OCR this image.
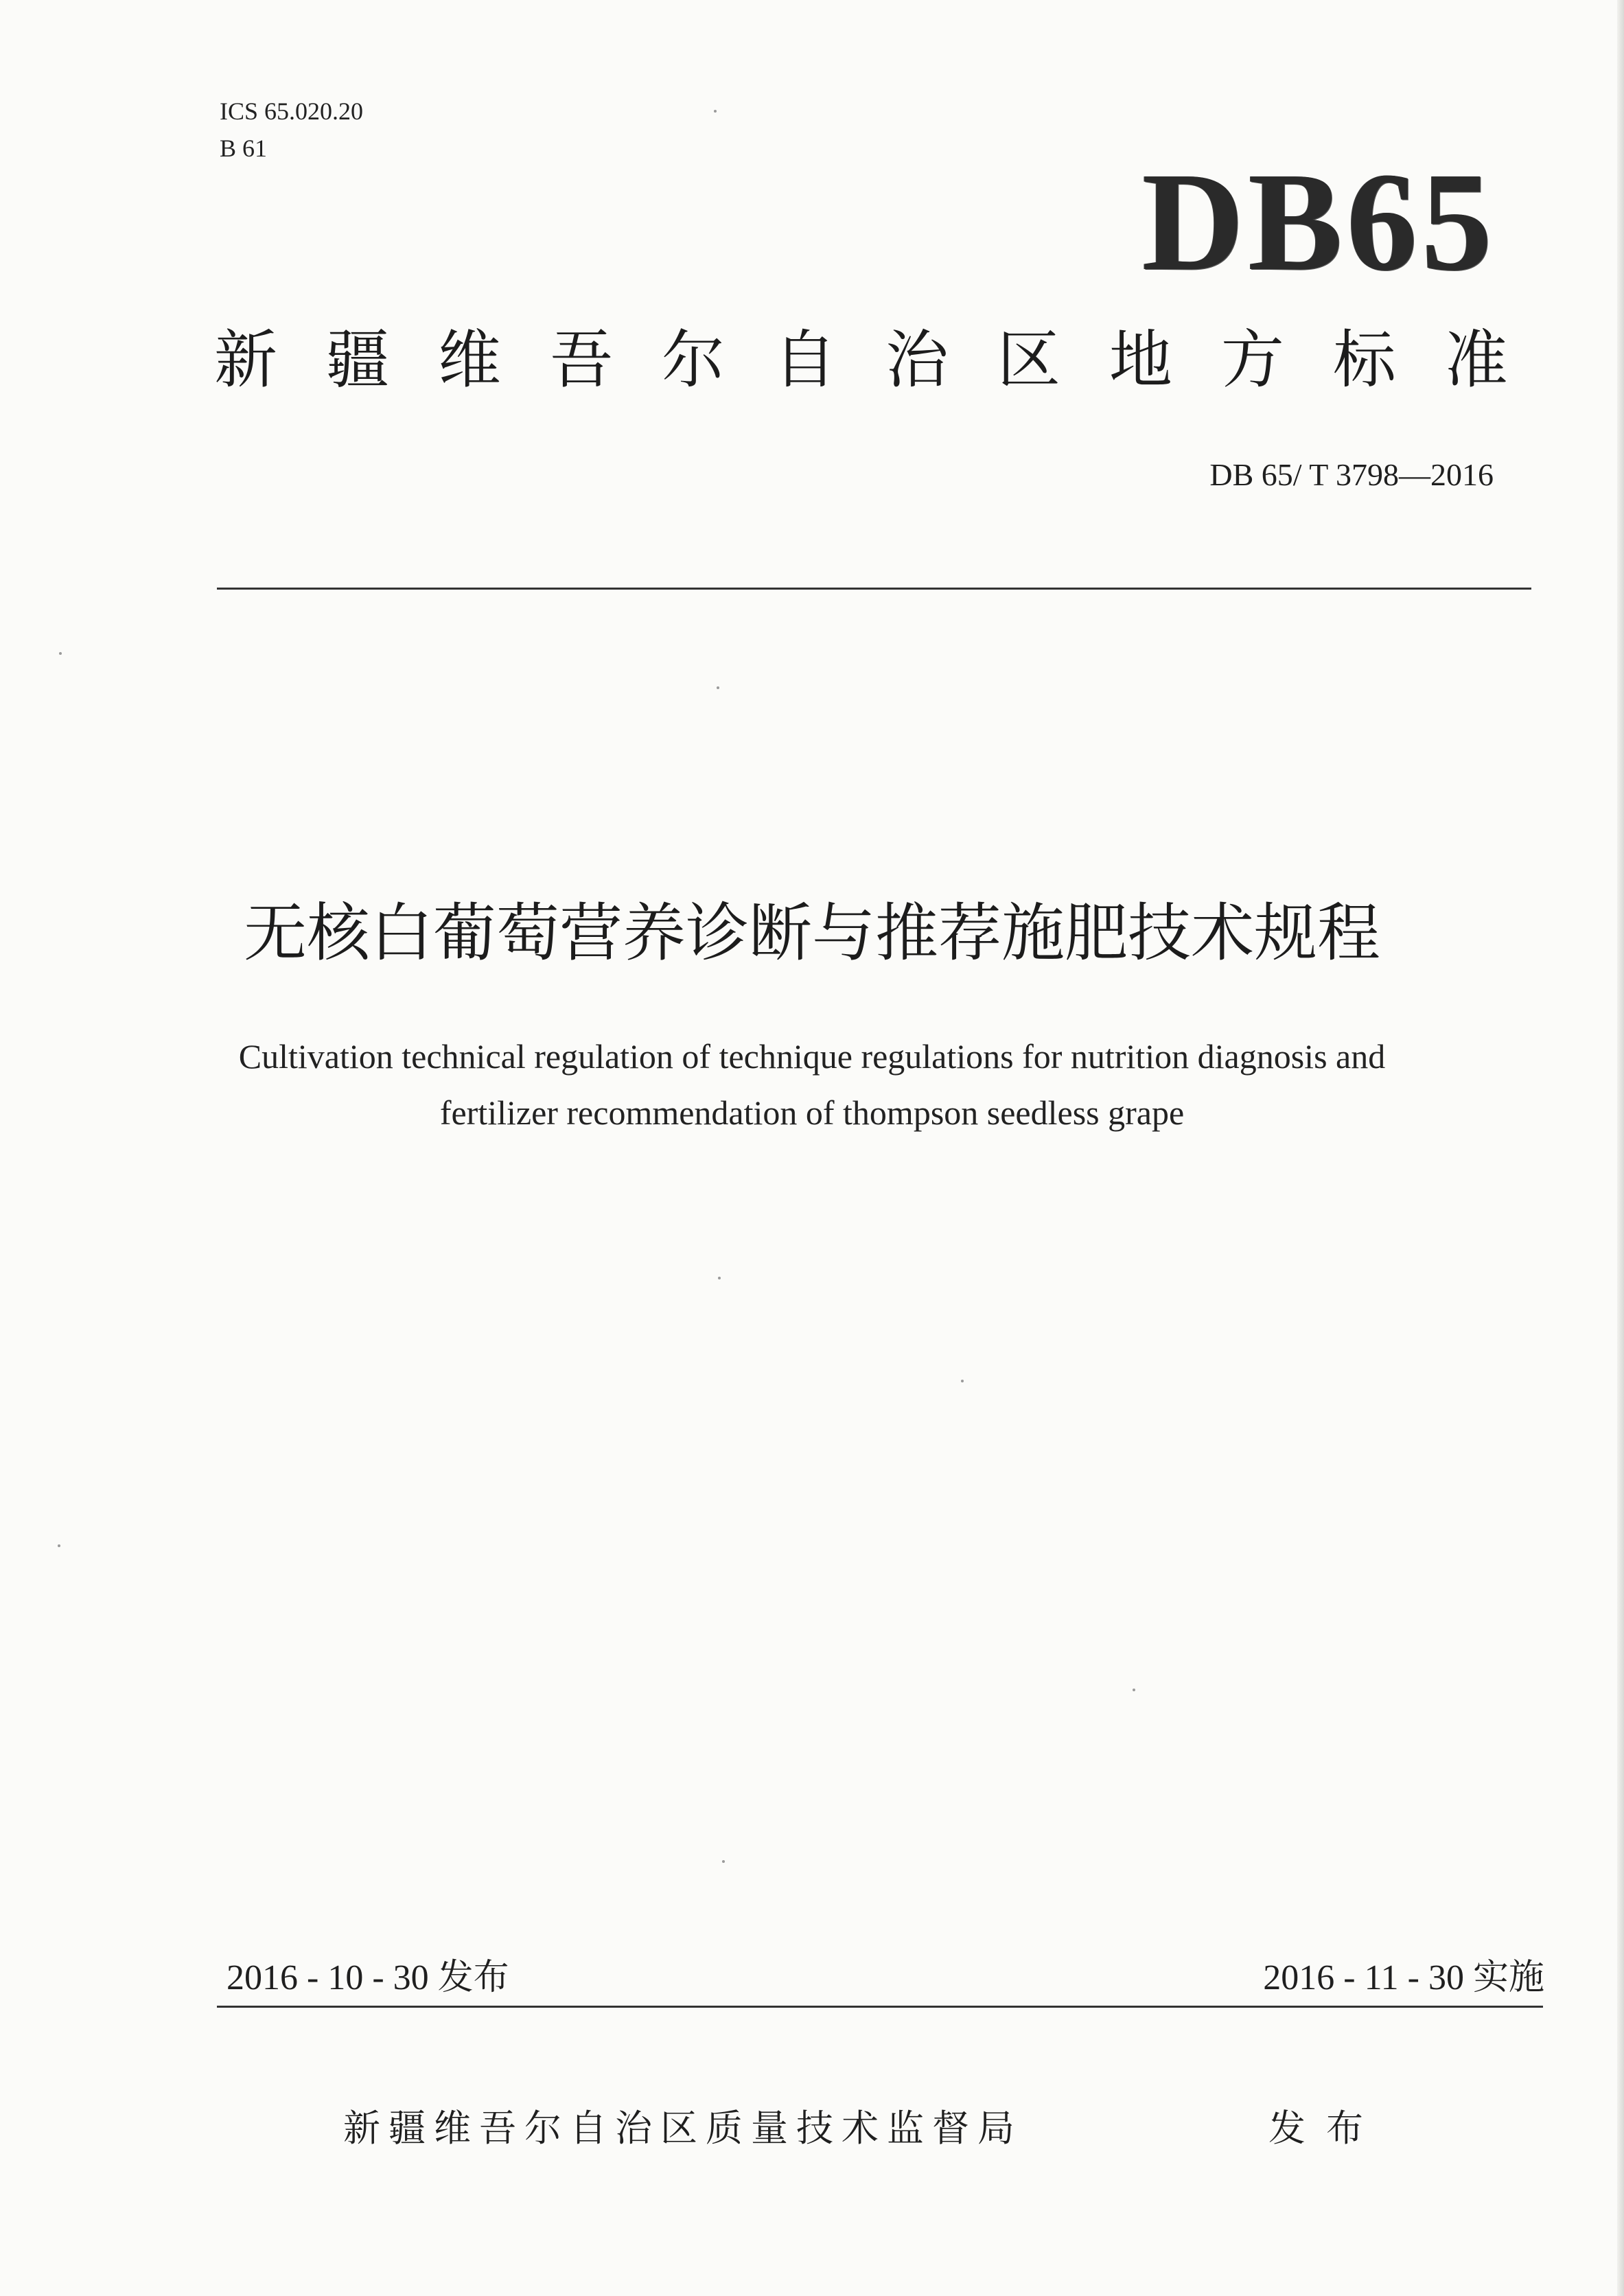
ICS 65.020.20
B 61	DB65
新 疆 维 吾 尔 自 治 区 地 方 标 准
DB 65/ T 3798—2016
无核白葡萄营养诊断与推荐施肥技术规程
Cultivation technical regulation of technique regulations for nutrition diagnosis and
fertilizer recommendation of thompson seedless grape
2016 - 10 - 30 发布	2016 - 11 - 30 实施
新疆维吾尔自治区质量技术监督局	发布
